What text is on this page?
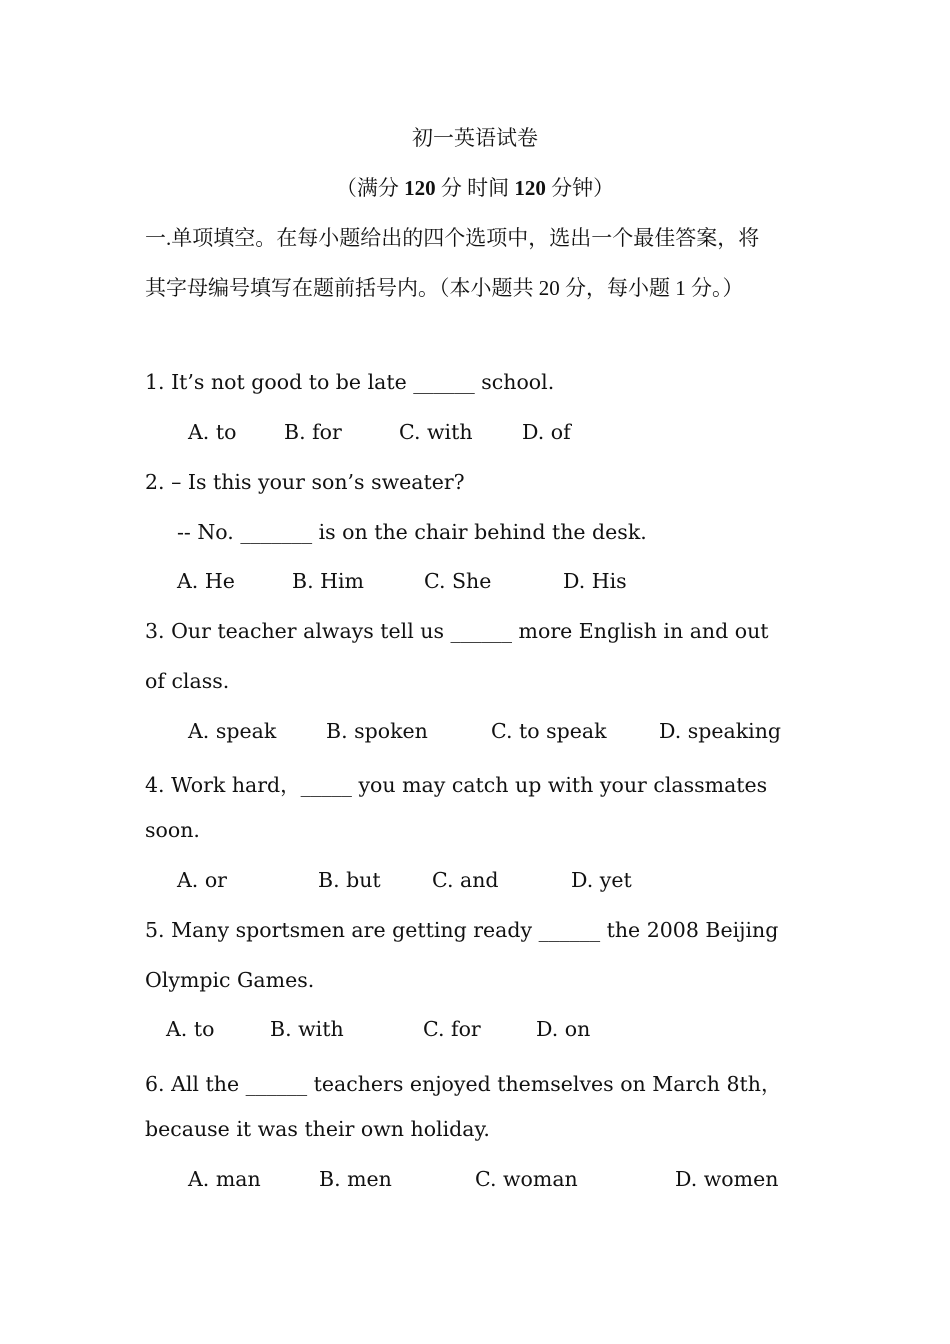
初一英语试卷
（满分 120 分 时间 120 分钟）
一.单项填空。在每小题给出的四个选项中，选出一个最佳答案，将
其字母编号填写在题前括号内。（本小题共 20 分，每小题 1 分。）
1. It’s not good to be late ______ school.
A. to B. for	C. with D. of
2. – Is this your son’s sweater?
-- No. _______ is on the chair behind the desk.
A. He	B. Him	C. She	D. His
3. Our teacher always tell us ______ more English in and out
of class.
A. speak B. spoken	C. to speak	D. speaking
4. Work hard，_____ you may catch up with your classmates
soon.
A. or	B. but	C. and	D. yet
5. Many sportsmen are getting ready ______ the 2008 Beijing
Olympic Games.
A. to	B. with	C. for	D. on
6. All the ______ teachers enjoyed themselves on March 8th，
because it was their own holiday.
A. man	B. men	C. woman	D. women
